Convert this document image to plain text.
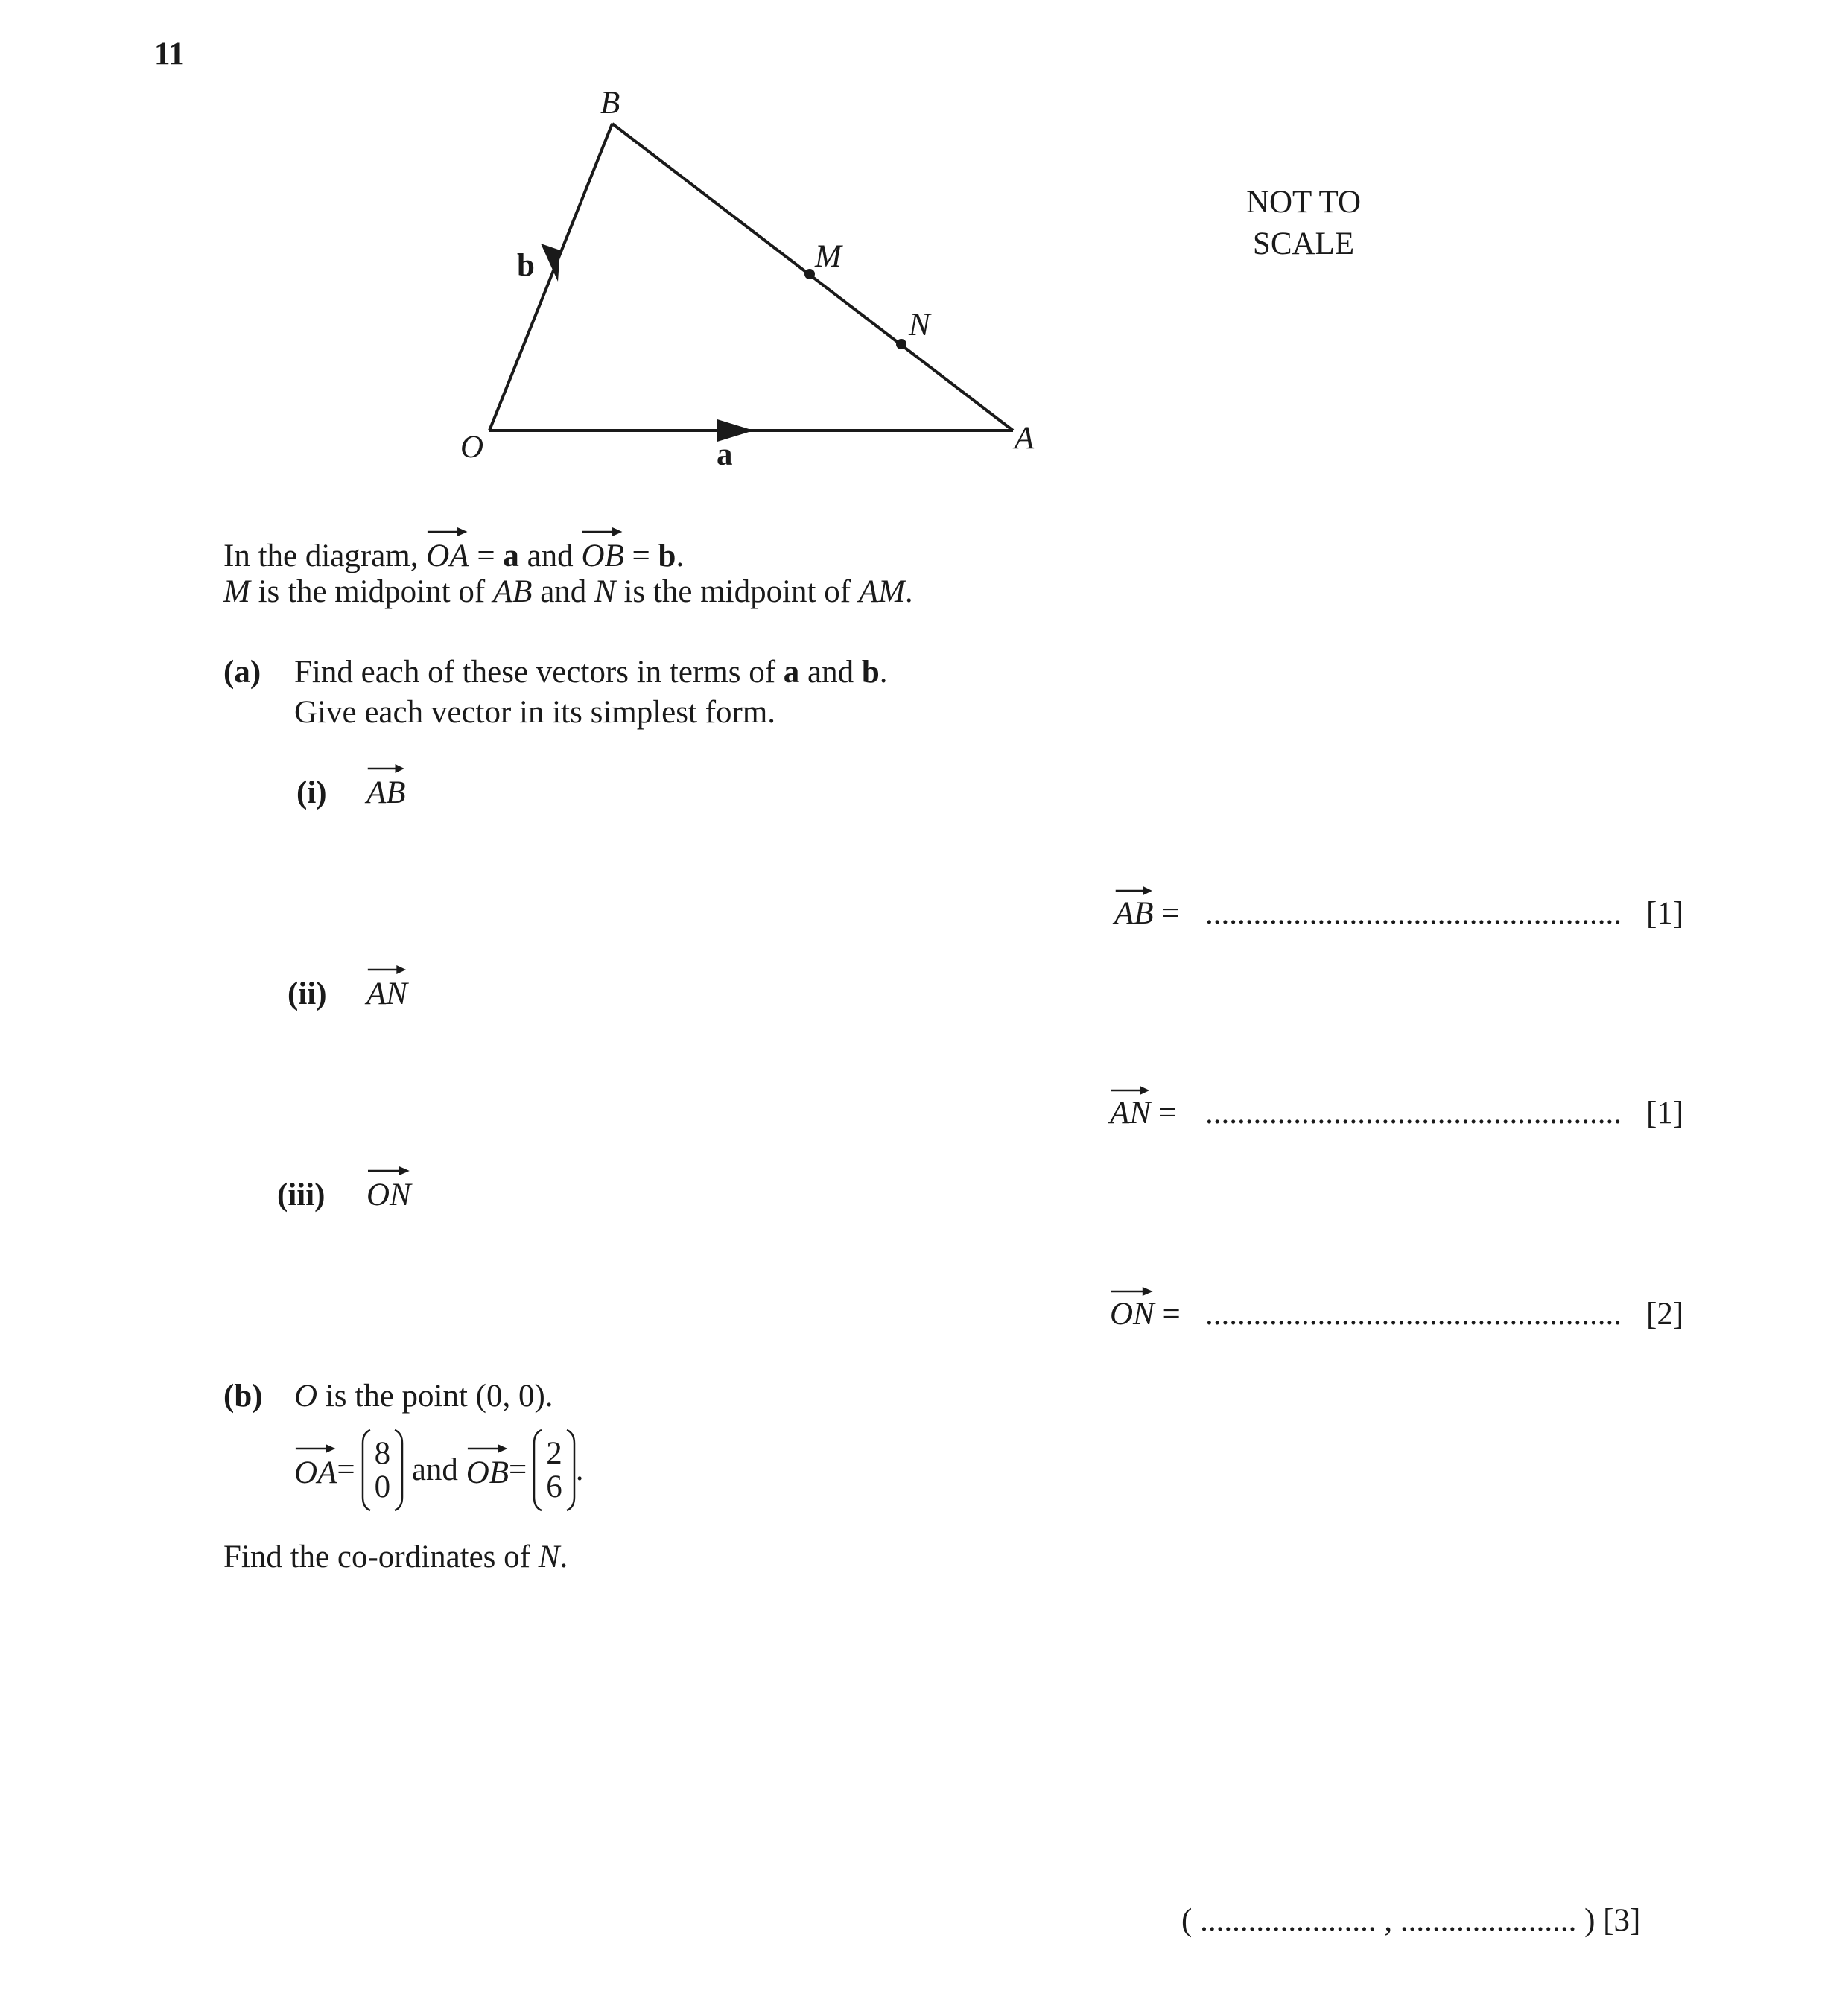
11
B
M
N
O	A
a
b
NOT TO
SCALE
In the diagram, OA = a and
OB = b.
M is the midpoint of AB and N is the midpoint of AM.
(a) Find each of these vectors in terms of a and b.
Give each vector in its simplest form.
(i) AB
AB = .................................................... [1]
(ii) AN
AN = .................................................... [1]
(iii) ON
ON = .................................................... [2]
(b) O is the point (0, 0).
OA = 8
0 and OB = 2
6 .
Find the co-ordinates of N.
( ...................... , ...................... ) [3]
